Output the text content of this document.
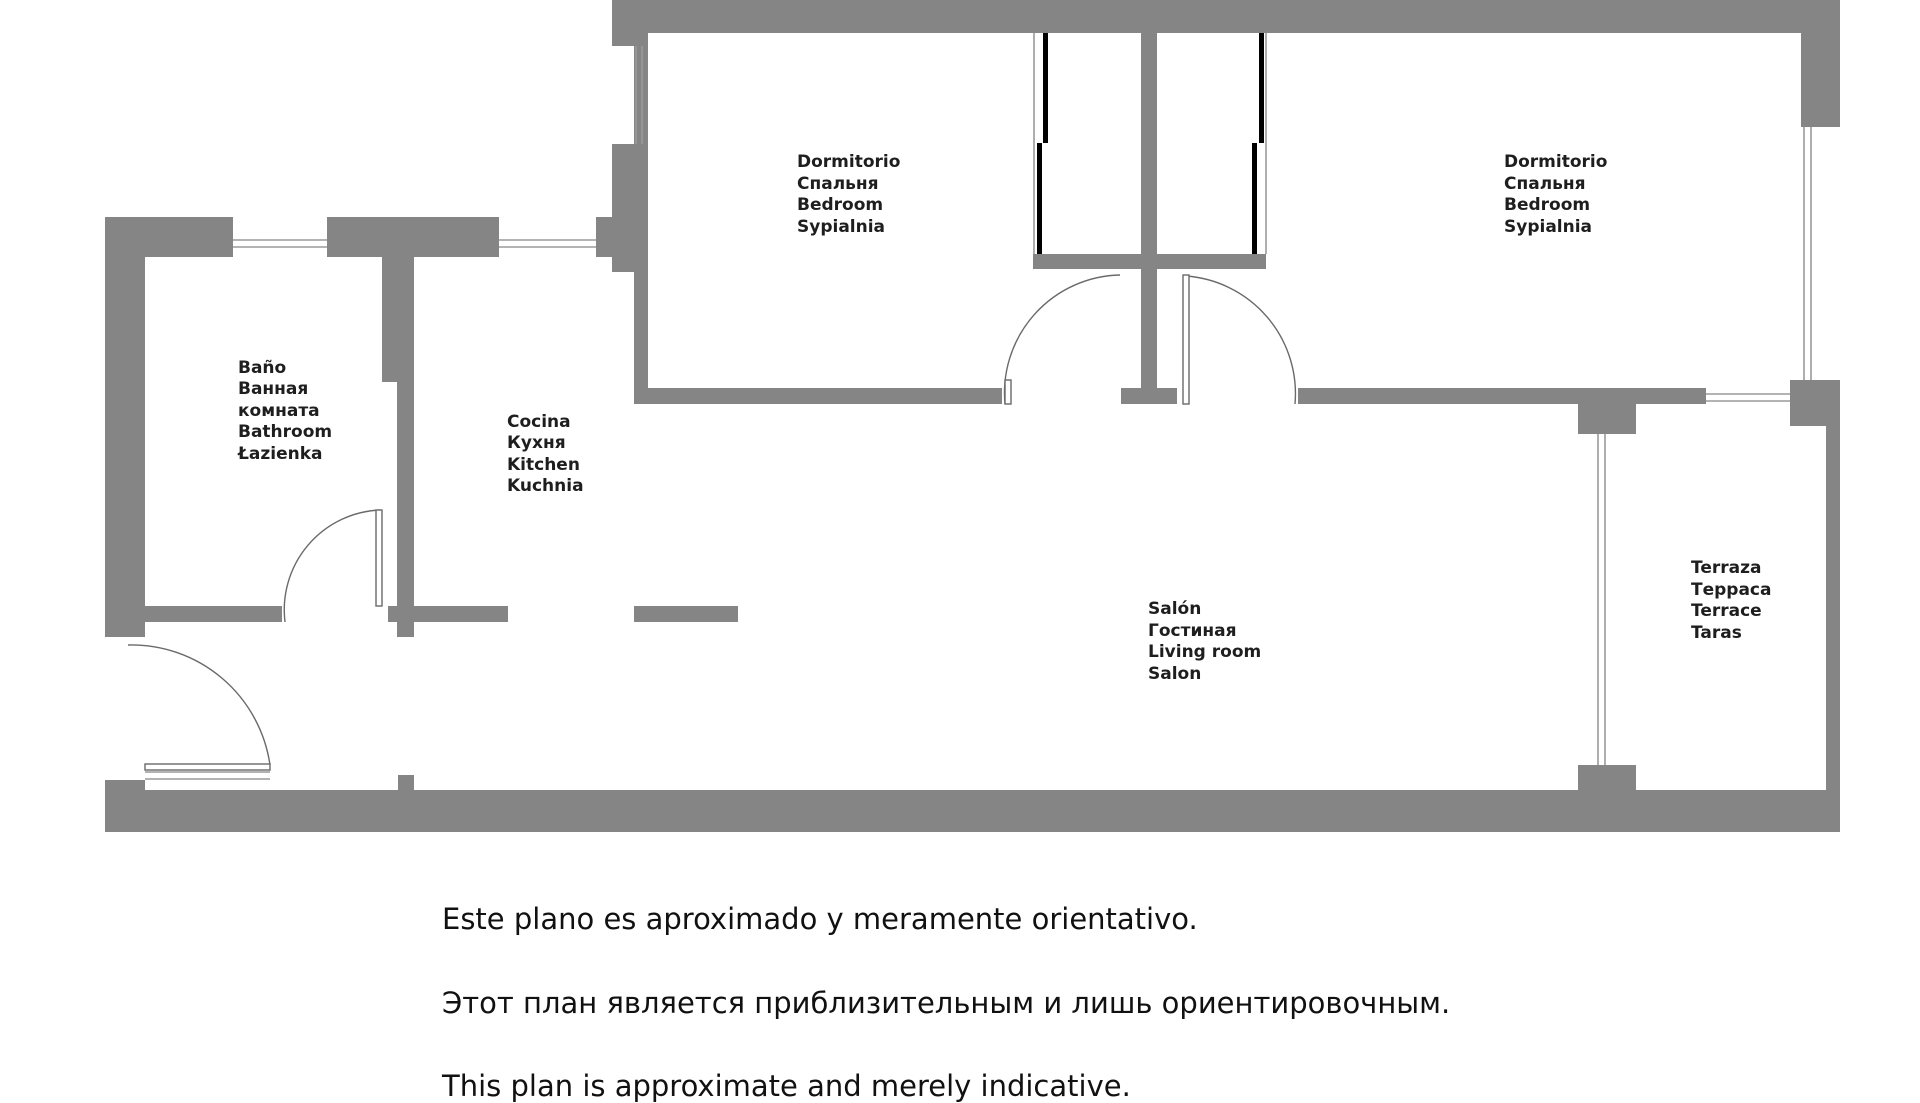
Baño Ванная комната Bathroom Łazienka
Cocina Кухня Kitchen Kuchnia
Dormitorio Спальня Bedroom Sypialnia
Dormitorio Спальня Bedroom Sypialnia
Salón Гостиная Living room Salon
Terraza Терраса Terrace Taras

Este plano es aproximado y meramente orientativo.

Этот план является приблизительным и лишь ориентировочным.

This plan is approximate and merely indicative.
